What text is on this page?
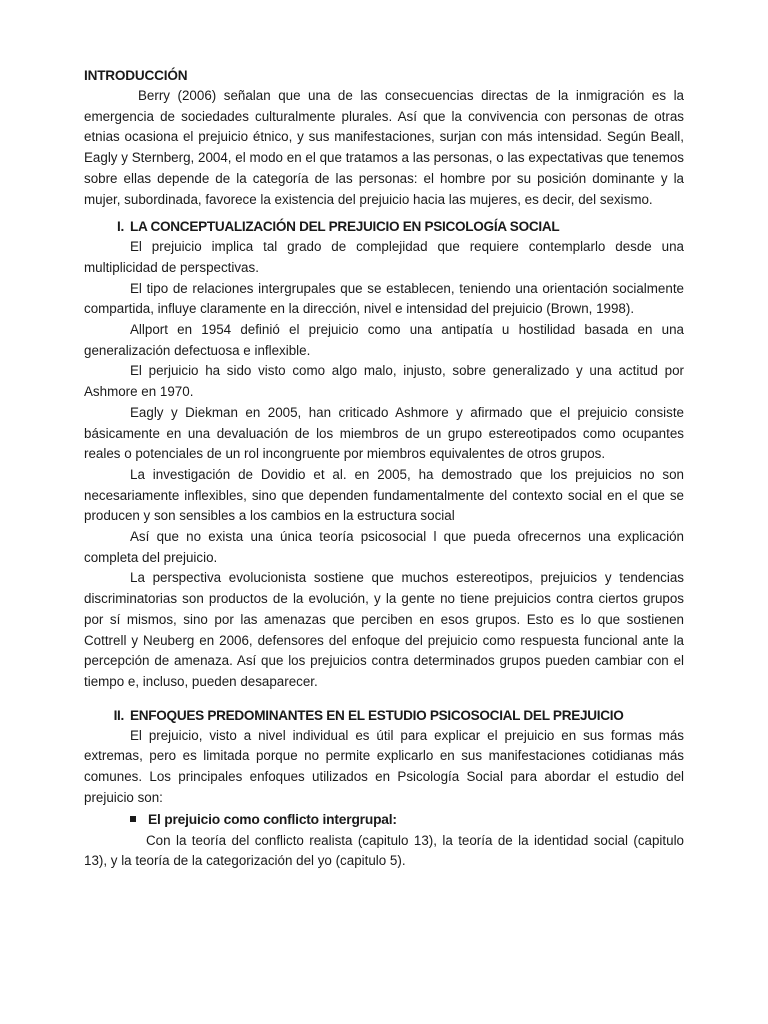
INTRODUCCIÓN

Berry (2006) señalan que una de las consecuencias directas de la inmigración es la emergencia de sociedades culturalmente plurales. Así que la convivencia con personas de otras etnias ocasiona el prejuicio étnico, y sus manifestaciones, surjan con más intensidad. Según Beall, Eagly y Sternberg, 2004, el modo en el que tratamos a las personas, o las expectativas que tenemos sobre ellas depende de la categoría de las personas: el hombre por su posición dominante y la mujer, subordinada, favorece la existencia del prejuicio hacia las mujeres, es decir, del sexismo.

I. LA CONCEPTUALIZACIÓN DEL PREJUICIO EN PSICOLOGÍA SOCIAL

El prejuicio implica tal grado de complejidad que requiere contemplarlo desde una multiplicidad de perspectivas.

El tipo de relaciones intergrupales que se establecen, teniendo una orientación socialmente compartida, influye claramente en la dirección, nivel e intensidad del prejuicio (Brown, 1998).

Allport en 1954 definió el prejuicio como una antipatía u hostilidad basada en una generalización defectuosa e inflexible.

El perjuicio ha sido visto como algo malo, injusto, sobre generalizado y una actitud por Ashmore en 1970.

Eagly y Diekman en 2005, han criticado Ashmore y afirmado que el prejuicio consiste básicamente en una devaluación de los miembros de un grupo estereotipados como ocupantes reales o potenciales de un rol incongruente por miembros equivalentes de otros grupos.

La investigación de Dovidio et al. en 2005, ha demostrado que los prejuicios no son necesariamente inflexibles, sino que dependen fundamentalmente del contexto social en el que se producen y son sensibles a los cambios en la estructura social

Así que no exista una única teoría psicosocial l que pueda ofrecernos una explicación completa del prejuicio.

La perspectiva evolucionista sostiene que muchos estereotipos, prejuicios y tendencias discriminatorias son productos de la evolución, y la gente no tiene prejuicios contra ciertos grupos por sí mismos, sino por las amenazas que perciben en esos grupos. Esto es lo que sostienen Cottrell y Neuberg en 2006, defensores del enfoque del prejuicio como respuesta funcional ante la percepción de amenaza. Así que los prejuicios contra determinados grupos pueden cambiar con el tiempo e, incluso, pueden desaparecer.

II. ENFOQUES PREDOMINANTES EN EL ESTUDIO PSICOSOCIAL DEL PREJUICIO

El prejuicio, visto a nivel individual es útil para explicar el prejuicio en sus formas más extremas, pero es limitada porque no permite explicarlo en sus manifestaciones cotidianas más comunes. Los principales enfoques utilizados en Psicología Social para abordar el estudio del prejuicio son:

El prejuicio como conflicto intergrupal:

Con la teoría del conflicto realista (capitulo 13), la teoría de la identidad social (capitulo 13), y la teoría de la categorización del yo (capitulo 5).
